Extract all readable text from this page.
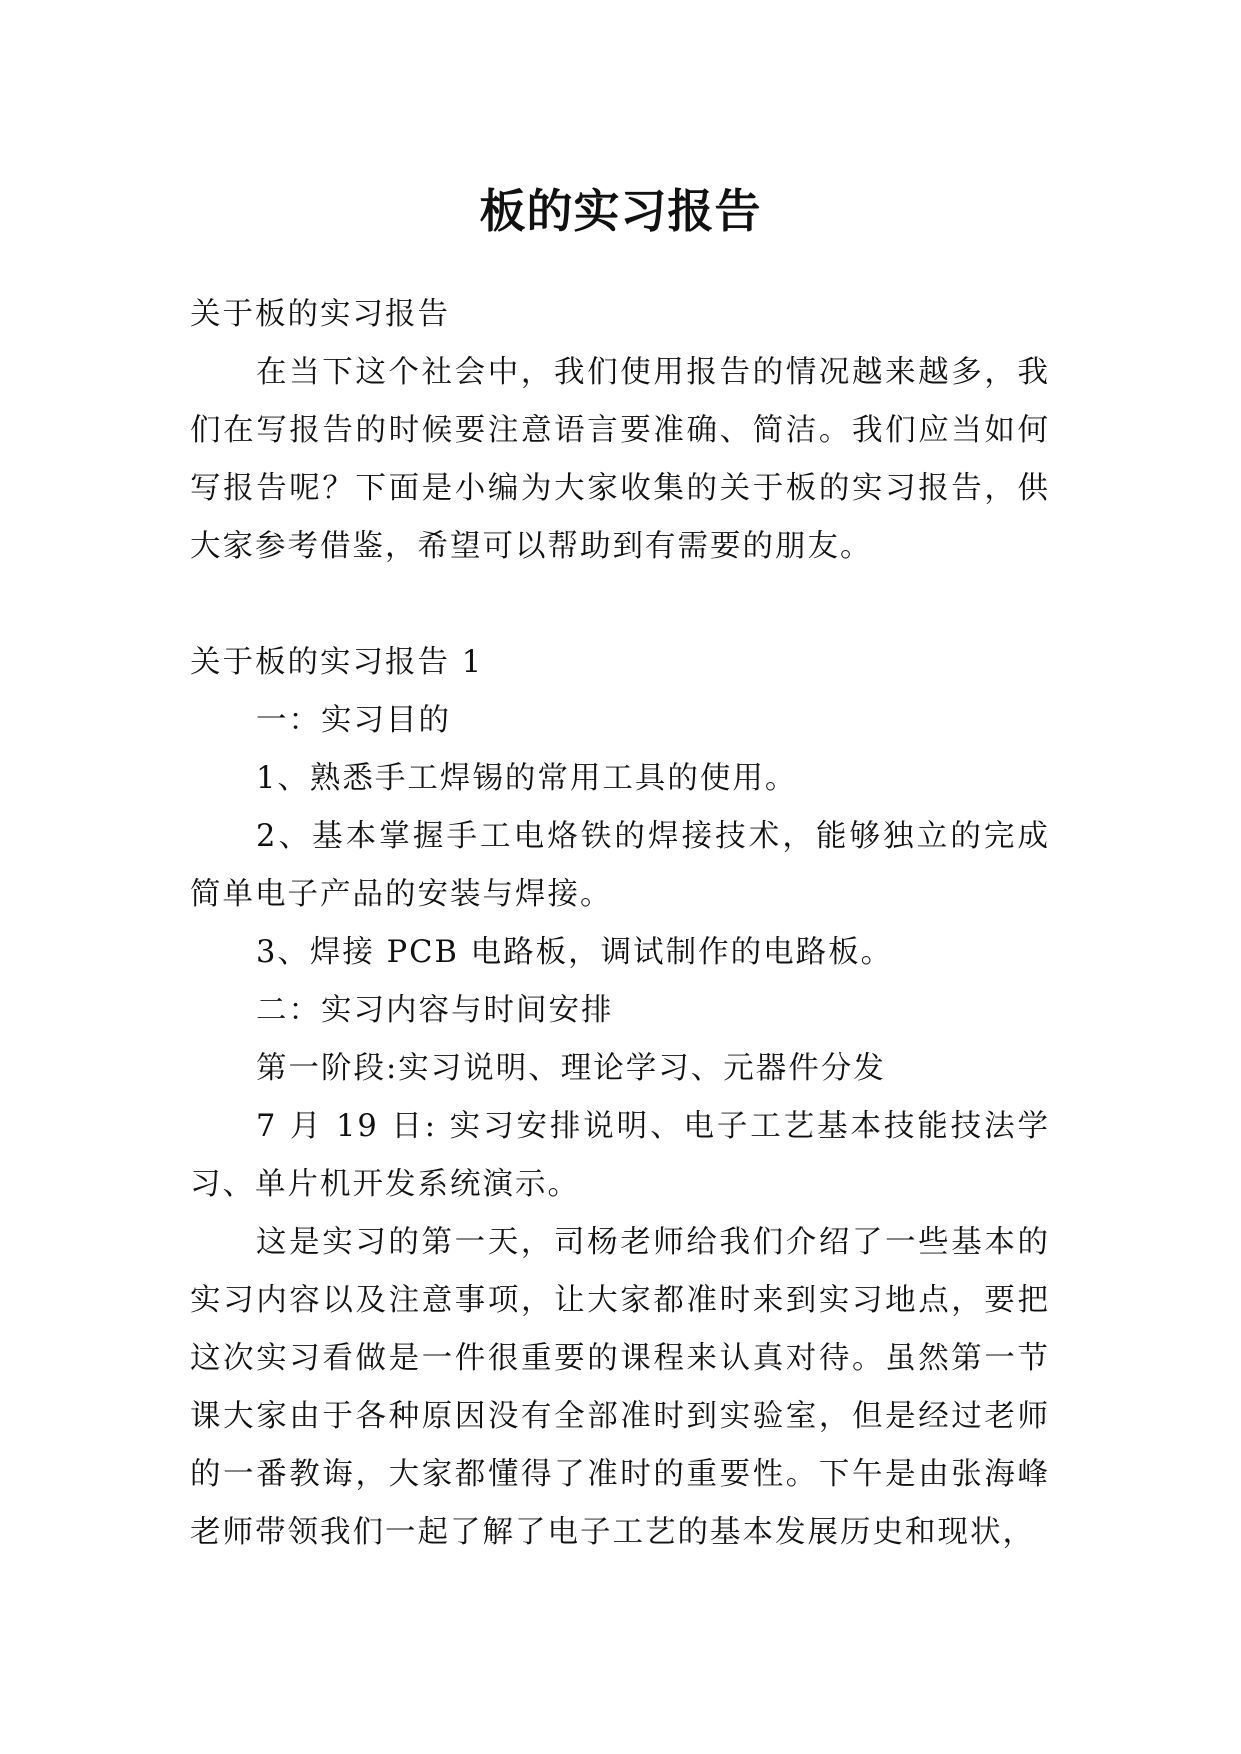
板的实习报告

关于板的实习报告

在当下这个社会中，我们使用报告的情况越来越多，我们在写报告的时候要注意语言要准确、简洁。我们应当如何写报告呢？下面是小编为大家收集的关于板的实习报告，供大家参考借鉴，希望可以帮助到有需要的朋友。

关于板的实习报告 1

一：实习目的

1、熟悉手工焊锡的常用工具的使用。

2、基本掌握手工电烙铁的焊接技术，能够独立的完成简单电子产品的安装与焊接。

3、焊接 PCB 电路板，调试制作的电路板。

二：实习内容与时间安排

第一阶段:实习说明、理论学习、元器件分发

7 月 19 日: 实习安排说明、电子工艺基本技能技法学习、单片机开发系统演示。

这是实习的第一天，司杨老师给我们介绍了一些基本的实习内容以及注意事项，让大家都准时来到实习地点，要把这次实习看做是一件很重要的课程来认真对待。虽然第一节课大家由于各种原因没有全部准时到实验室，但是经过老师的一番教诲，大家都懂得了准时的重要性。下午是由张海峰老师带领我们一起了解了电子工艺的基本发展历史和现状，
